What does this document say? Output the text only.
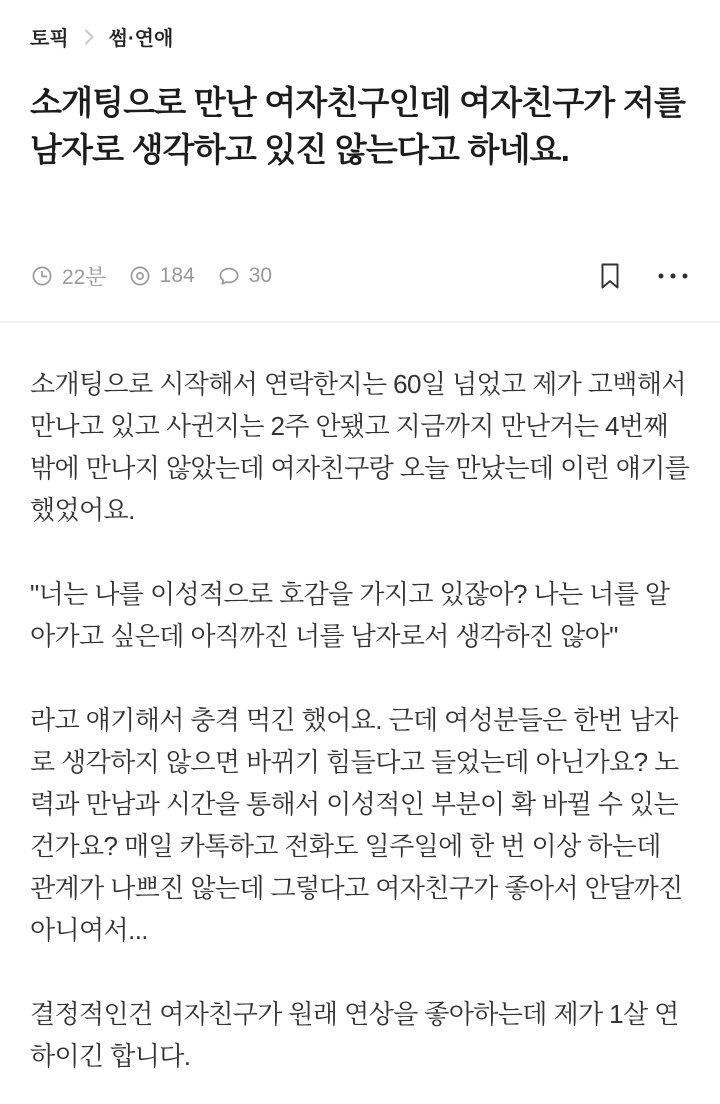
토픽 썸·연애
소개팅으로 만난 여자친구인데 여자친구가 저를 남자로 생각하고 있진 않는다고 하네요.
22분	184	30

소개팅으로 시작해서 연락한지는 60일 넘었고 제가 고백해서 만나고 있고 사귄지는 2주 안됐고 지금까지 만난거는 4번째밖에 만나지 않았는데 여자친구랑 오늘 만났는데 이런 얘기를 했었어요.

"너는 나를 이성적으로 호감을 가지고 있잖아? 나는 너를 알아가고 싶은데 아직까진 너를 남자로서 생각하진 않아"

라고 얘기해서 충격 먹긴 했어요. 근데 여성분들은 한번 남자로 생각하지 않으면 바뀌기 힘들다고 들었는데 아닌가요? 노력과 만남과 시간을 통해서 이성적인 부분이 확 바뀔 수 있는 건가요? 매일 카톡하고 전화도 일주일에 한 번 이상 하는데 관계가 나쁘진 않는데 그렇다고 여자친구가 좋아서 안달까진 아니여서...

결정적인건 여자친구가 원래 연상을 좋아하는데 제가 1살 연하이긴 합니다.
